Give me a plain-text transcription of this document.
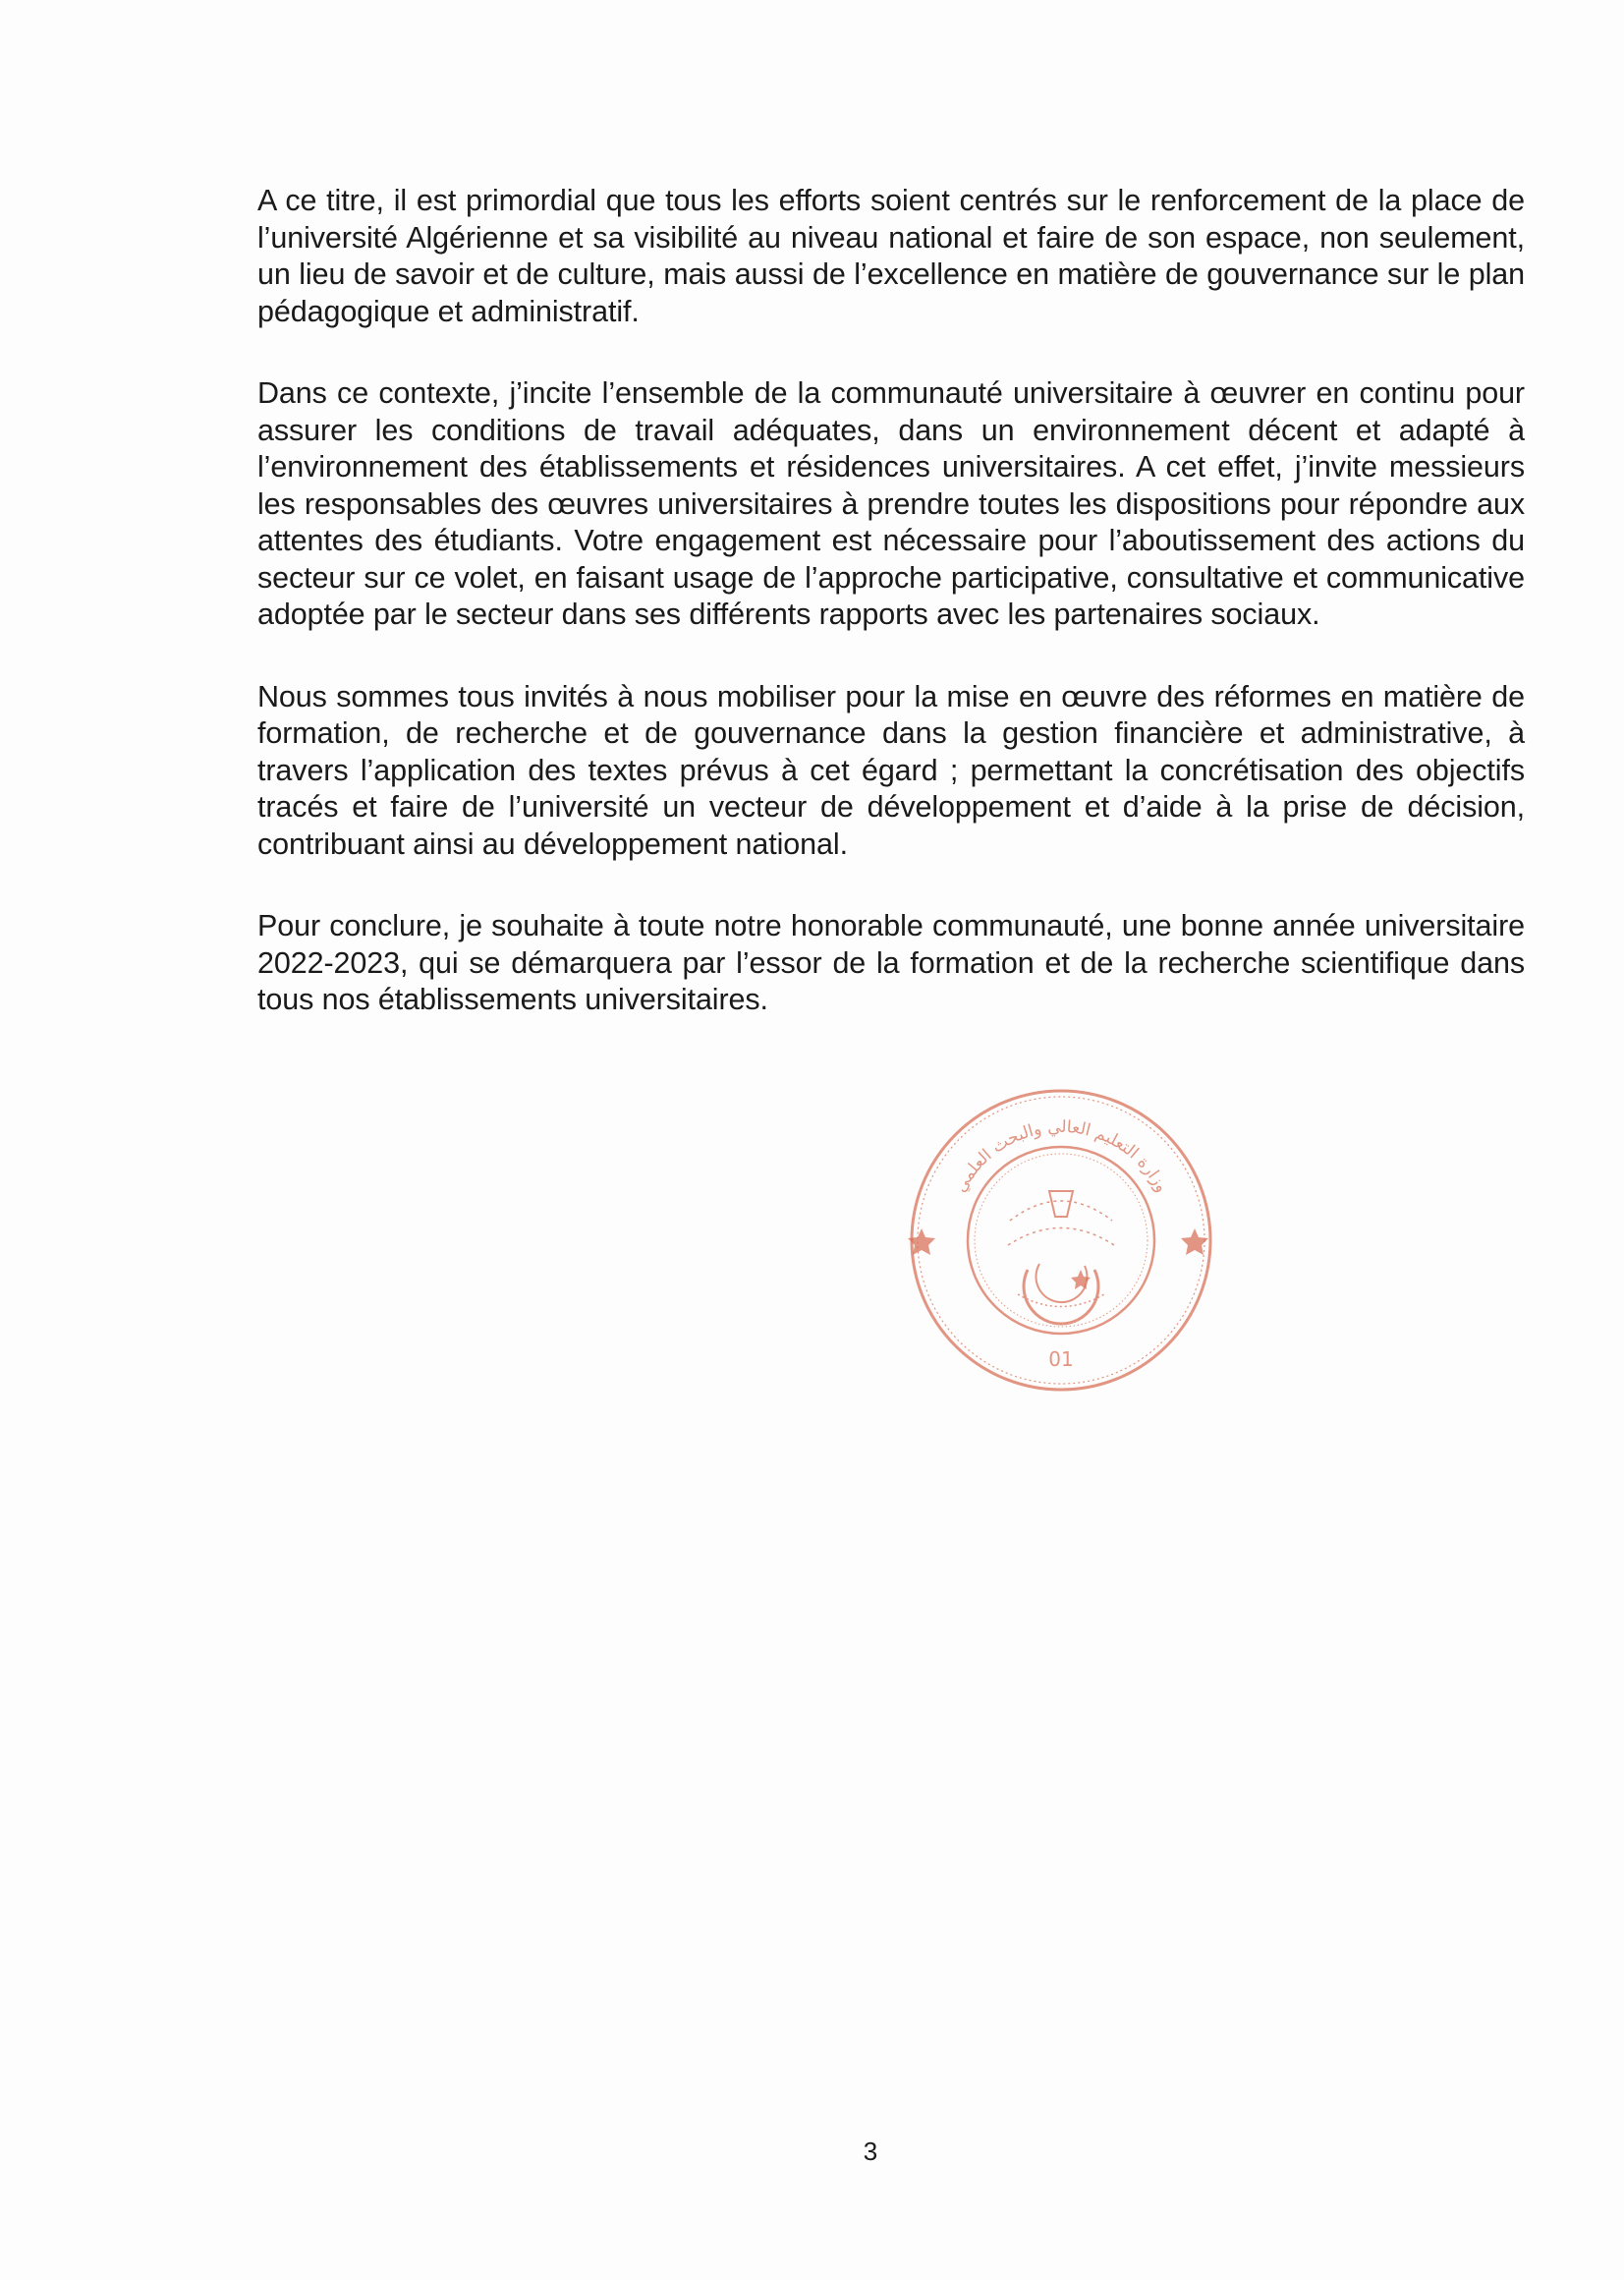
A ce titre, il est primordial que tous les efforts soient centrés sur le renforcement de la place de l’université Algérienne et sa visibilité au niveau national et faire de son espace, non seulement, un lieu de savoir et de culture, mais aussi de l’excellence en matière de gouvernance sur le plan pédagogique et administratif.

Dans ce contexte, j’incite l’ensemble de la communauté universitaire à œuvrer en continu pour assurer les conditions de travail adéquates, dans un environnement décent et adapté à l’environnement des établissements et résidences universitaires. A cet effet, j’invite messieurs les responsables des œuvres universitaires à prendre toutes les dispositions pour répondre aux attentes des étudiants. Votre engagement est nécessaire pour l’aboutissement des actions du secteur sur ce volet, en faisant usage de l’approche participative, consultative et communicative adoptée par le secteur dans ses différents rapports avec les partenaires sociaux.

Nous sommes tous invités à nous mobiliser pour la mise en œuvre des réformes en matière de formation, de recherche et de gouvernance dans la gestion financière et administrative, à travers l’application des textes prévus à cet égard ; permettant la concrétisation des objectifs tracés et faire de l’université un vecteur de développement et d’aide à la prise de décision, contribuant ainsi au développement national.

Pour conclure, je souhaite à toute notre honorable communauté, une bonne année universitaire 2022-2023, qui se démarquera par l’essor de la formation et de la recherche scientifique dans tous nos établissements universitaires.

وزارة التعليم العالي والبحث العلمي
01
3
